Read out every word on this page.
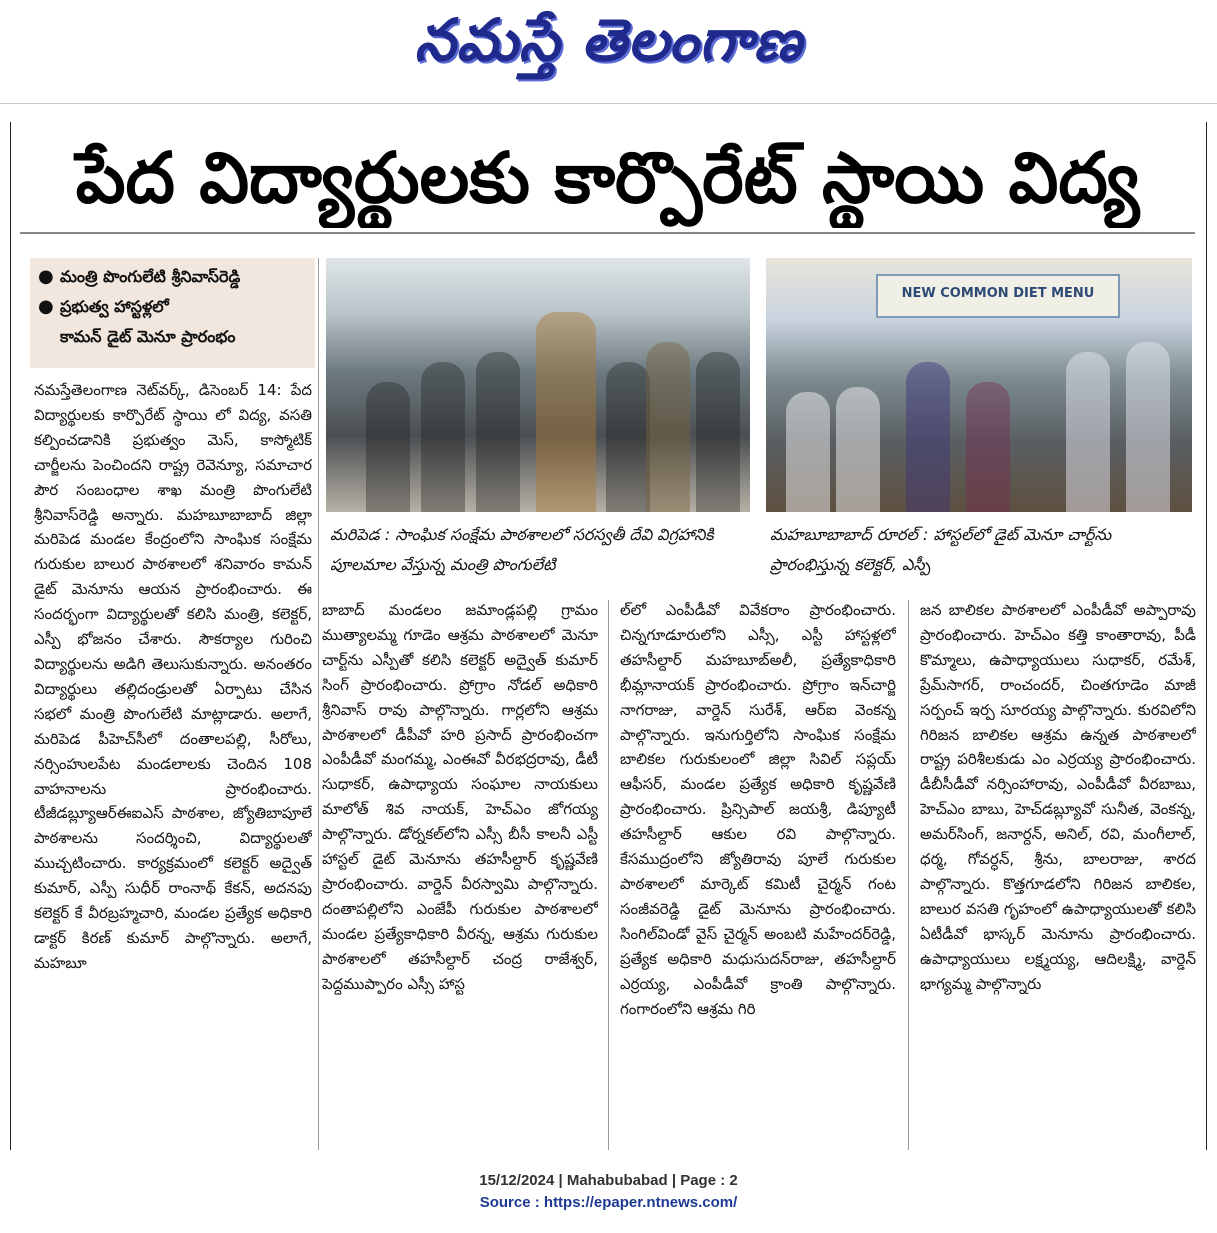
నమస్తే తెలంగాణ
పేద విద్యార్థులకు కార్పొరేట్ స్థాయి విద్య
● మంత్రి పొంగులేటి శ్రీనివాస్‌రెడ్డి
● ప్రభుత్వ హాస్టళ్లలో
కామన్ డైట్ మెనూ ప్రారంభం
NEW COMMON DIET MENU
మరిపెడ : సాంఘిక సంక్షేమ పాఠశాలలో సరస్వతీ దేవి విగ్రహానికి పూలమాల వేస్తున్న మంత్రి పొంగులేటి
మహబూబాబాద్ రూరల్ : హాస్టల్‌లో డైట్ మెనూ చార్ట్‌ను ప్రారంభిస్తున్న కలెక్టర్, ఎస్పీ
నమస్తేతెలంగాణ నెట్‌వర్క్, డిసెంబర్ 14: పేద విద్యార్థులకు కార్పొరేట్ స్థాయి లో విద్య, వసతి కల్పించడానికి ప్రభుత్వం మెస్, కాస్మోటిక్ చార్జీలను పెంచిందని రాష్ట్ర రెవెన్యూ, సమాచార పౌర సంబంధాల శాఖ మంత్రి పొంగులేటి శ్రీనివాస్‌రెడ్డి అన్నారు. మహబూబాబాద్ జిల్లా మరిపెడ మండల కేంద్రంలోని సాంఘిక సంక్షేమ గురుకుల బాలుర పాఠశాలలో శనివారం కామన్ డైట్ మెనూను ఆయన ప్రారంభించారు. ఈ సందర్భంగా విద్యార్థులతో కలిసి మంత్రి, కలెక్టర్, ఎస్పీ భోజనం చేశారు. సౌకర్యాల గురించి విద్యార్థులను అడిగి తెలుసుకున్నారు. అనంతరం విద్యార్థులు తల్లిదండ్రులతో ఏర్పాటు చేసిన సభలో మంత్రి పొంగులేటి మాట్లాడారు. అలాగే, మరిపెడ పీహెచ్‌సీలో దంతాలపల్లి, సీరోలు, నర్సింహులపేట మండలాలకు చెందిన 108 వాహనాలను ప్రారంభించారు. టీజీడబ్ల్యూఆర్ఈఐఎస్ పాఠశాల, జ్యోతిబాపూలే పాఠశాలను సందర్శించి, విద్యార్థులతో ముచ్చటించారు. కార్యక్రమంలో కలెక్టర్ అద్వైత్ కుమార్, ఎస్పీ సుధీర్ రాంనాథ్ కేకన్, అదనపు కలెక్టర్ కే వీరబ్రహ్మచారి, మండల ప్రత్యేక అధికారి డాక్టర్ కిరణ్ కుమార్ పాల్గొన్నారు. అలాగే, మహబూ
బాబాద్ మండలం జమాండ్లపల్లి గ్రామం ముత్యాలమ్మ గూడెం ఆశ్రమ పాఠశాలలో మెనూ చార్ట్‌ను ఎస్పీతో కలిసి కలెక్టర్ అద్వైత్ కుమార్ సింగ్ ప్రారంభించారు. ప్రోగ్రాం నోడల్ అధికారి శ్రీనివాస్ రావు పాల్గొన్నారు. గార్లలోని ఆశ్రమ పాఠశాలలో డీపీవో హరి ప్రసాద్ ప్రారంభించగా ఎంపీడీవో మంగమ్మ, ఎంఈవో వీరభద్రరావు, డీటీ సుధాకర్, ఉపాధ్యాయ సంఘాల నాయకులు మాలోత్ శివ నాయక్, హెచ్‌ఎం జోగయ్య పాల్గొన్నారు. డోర్నకల్‌లోని ఎస్సీ బీసీ కాలనీ ఎస్టీ హాస్టల్ డైట్ మెనూను తహసీల్దార్ కృష్ణవేణి ప్రారంభించారు. వార్డెన్ వీరస్వామి పాల్గొన్నారు. దంతాపల్లిలోని ఎంజేపీ గురుకుల పాఠశాలలో మండల ప్రత్యేకాధికారి వీరన్న, ఆశ్రమ గురుకుల పాఠశాలలో తహసీల్దార్ చంద్ర రాజేశ్వర్, పెద్దముప్పారం ఎస్సీ హాస్ట
ల్‌లో ఎంపీడీవో వివేకరాం ప్రారంభించారు. చిన్నగూడూరులోని ఎస్సీ, ఎస్టీ హాస్టళ్లలో తహసీల్దార్ మహబూబ్‌అలీ, ప్రత్యేకాధికారి భీమ్లానాయక్ ప్రారంభించారు. ప్రోగ్రాం ఇన్‌చార్జి నాగరాజు, వార్డెన్ సురేశ్, ఆర్ఐ వెంకన్న పాల్గొన్నారు. ఇనుగుర్తిలోని సాంఘిక సంక్షేమ బాలికల గురుకులంలో జిల్లా సివిల్ సప్లయ్ ఆఫీసర్, మండల ప్రత్యేక అధికారి కృష్ణవేణి ప్రారంభించారు. ప్రిన్సిపాల్ జయశ్రీ, డిప్యూటీ తహసీల్దార్ ఆకుల రవి పాల్గొన్నారు. కేసముద్రంలోని జ్యోతిరావు పూలే గురుకుల పాఠశాలలో మార్కెట్ కమిటీ చైర్మన్ గంట సంజీవరెడ్డి డైట్ మెనూను ప్రారంభించారు. సింగిల్‌విండో వైస్ చైర్మన్ అంబటి మహేందర్‌రెడ్డి, ప్రత్యేక అధికారి మధుసుదన్‌రాజు, తహసీల్దార్ ఎర్రయ్య, ఎంపీడీవో క్రాంతి పాల్గొన్నారు. గంగారంలోని ఆశ్రమ గిరి
జన బాలికల పాఠశాలలో ఎంపీడీవో అప్పారావు ప్రారంభించారు. హెచ్‌ఎం కత్తి కాంతారావు, పీడీ కొమ్మాలు, ఉపాధ్యాయులు సుధాకర్, రమేశ్, ప్రేమ్‌సాగర్, రాంచందర్, చింతగూడెం మాజీ సర్పంచ్ ఇర్ప సూరయ్య పాల్గొన్నారు. కురవిలోని గిరిజన బాలికల ఆశ్రమ ఉన్నత పాఠశాలలో రాష్ట్ర పరిశీలకుడు ఎం ఎర్రయ్య ప్రారంభించారు. డీబీసీడీవో నర్సింహారావు, ఎంపీడీవో వీరబాబు, హెచ్‌ఎం బాబు, హెచ్‌డబ్ల్యూవో సునీత, వెంకన్న, అమర్‌సింగ్, జనార్దన్, అనిల్, రవి, మంగీలాల్, ధర్మ, గోవర్ధన్, శ్రీను, బాలరాజు, శారద పాల్గొన్నారు. కొత్తగూడలోని గిరిజన బాలికల, బాలుర వసతి గృహంలో ఉపాధ్యాయులతో కలిసి ఏటీడీవో భాస్కర్ మెనూను ప్రారంభించారు. ఉపాధ్యాయులు లక్ష్మయ్య, ఆదిలక్ష్మి, వార్డెన్ భాగ్యమ్మ పాల్గొన్నారు
15/12/2024 | Mahabubabad | Page : 2
Source : https://epaper.ntnews.com/
